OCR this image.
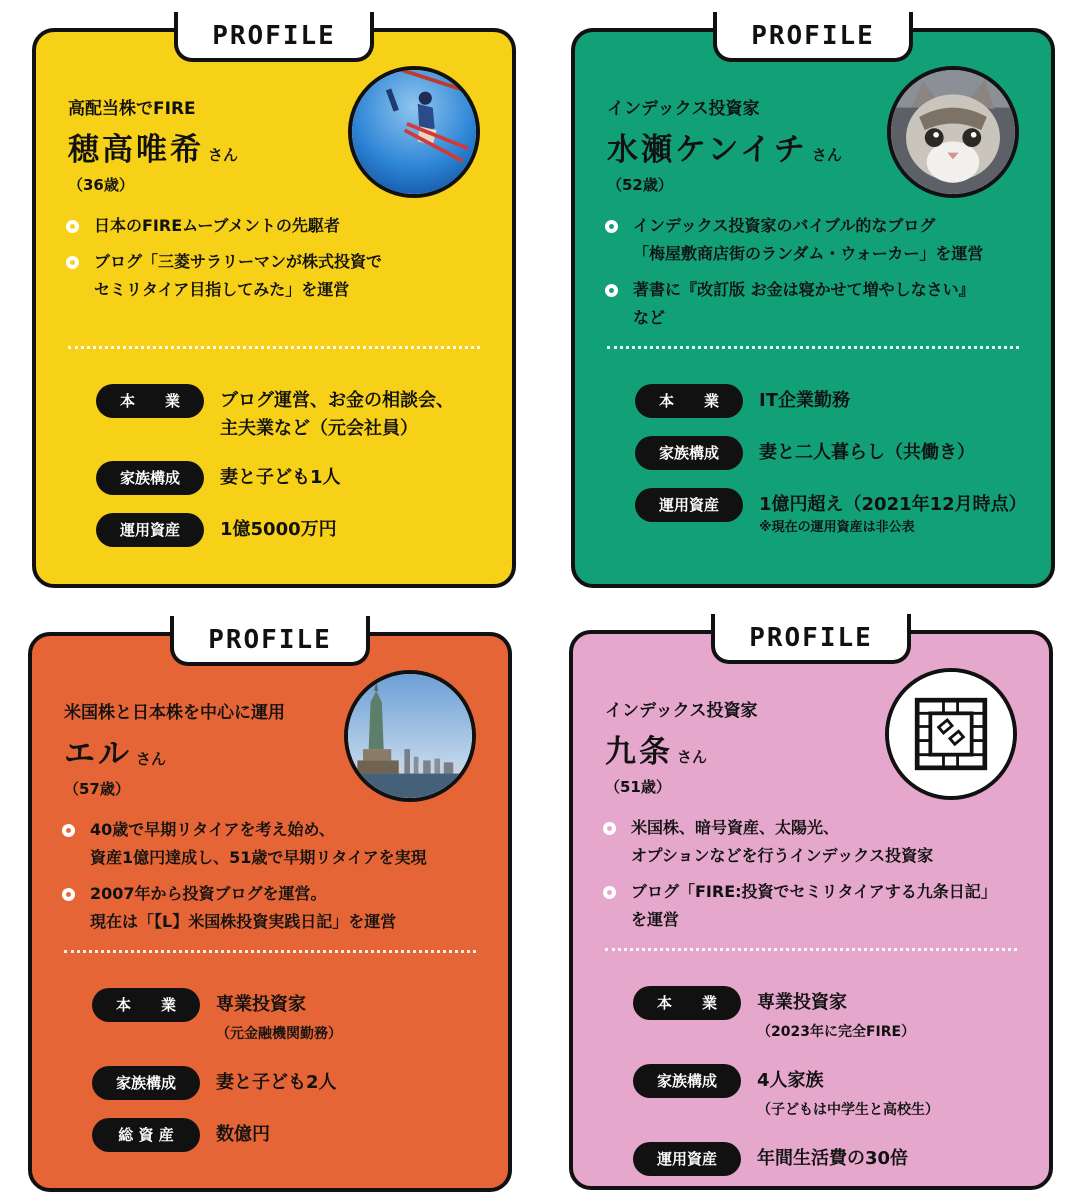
PROFILE
高配当株でFIRE
穂高唯希 さん
（36歳）
日本のFIREムーブメントの先駆者
ブログ「三菱サラリーマンが株式投資で
セミリタイア目指してみた」を運営
本　　業	ブログ運営、お金の相談会、
主夫業など（元会社員）
家族構成	妻と子ども1人
運用資産	1億5000万円
PROFILE
インデックス投資家
水瀬ケンイチ さん
（52歳）
インデックス投資家のバイブル的なブログ
「梅屋敷商店街のランダム・ウォーカー」を運営
著書に『改訂版 お金は寝かせて増やしなさい』
など
本　　業	IT企業勤務
家族構成	妻と二人暮らし（共働き）
運用資産	1億円超え（2021年12月時点）
※現在の運用資産は非公表
PROFILE
米国株と日本株を中心に運用
エル さん
（57歳）
40歳で早期リタイアを考え始め、
資産1億円達成し、51歳で早期リタイアを実現
2007年から投資ブログを運営。
現在は「【L】米国株投資実践日記」を運営
本　　業	専業投資家
（元金融機関勤務）
家族構成	妻と子ども2人
総 資 産	数億円
PROFILE
インデックス投資家
九条 さん
（51歳）
米国株、暗号資産、太陽光、
オプションなどを行うインデックス投資家
ブログ「FIRE:投資でセミリタイアする九条日記」
を運営
本　　業	専業投資家
（2023年に完全FIRE）
家族構成	4人家族
（子どもは中学生と高校生）
運用資産	年間生活費の30倍
